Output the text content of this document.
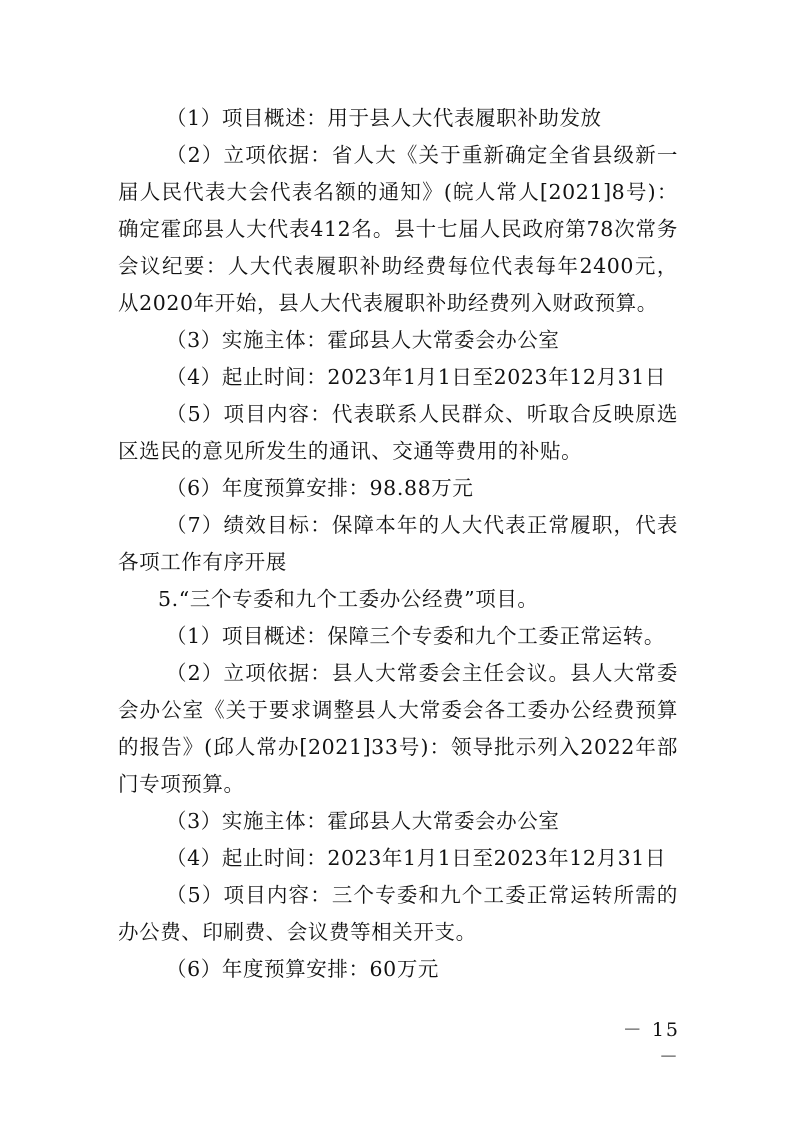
（1）项目概述：用于县人大代表履职补助发放

（2）立项依据：省人大《关于重新确定全省县级新一届人民代表大会代表名额的通知》(皖人常人[2021]8号)：确定霍邱县人大代表412名。县十七届人民政府第78次常务会议纪要：人大代表履职补助经费每位代表每年2400元，从2020年开始，县人大代表履职补助经费列入财政预算。

（3）实施主体：霍邱县人大常委会办公室

（4）起止时间：2023年1月1日至2023年12月31日

（5）项目内容：代表联系人民群众、听取合反映原选区选民的意见所发生的通讯、交通等费用的补贴。

（6）年度预算安排：98.88万元

（7）绩效目标：保障本年的人大代表正常履职，代表各项工作有序开展

5.“三个专委和九个工委办公经费”项目。

（1）项目概述：保障三个专委和九个工委正常运转。

（2）立项依据：县人大常委会主任会议。县人大常委会办公室《关于要求调整县人大常委会各工委办公经费预算的报告》(邱人常办[2021]33号)：领导批示列入2022年部门专项预算。

（3）实施主体：霍邱县人大常委会办公室

（4）起止时间：2023年1月1日至2023年12月31日

（5）项目内容：三个专委和九个工委正常运转所需的办公费、印刷费、会议费等相关开支。

（6）年度预算安排：60万元

－ 15 －
